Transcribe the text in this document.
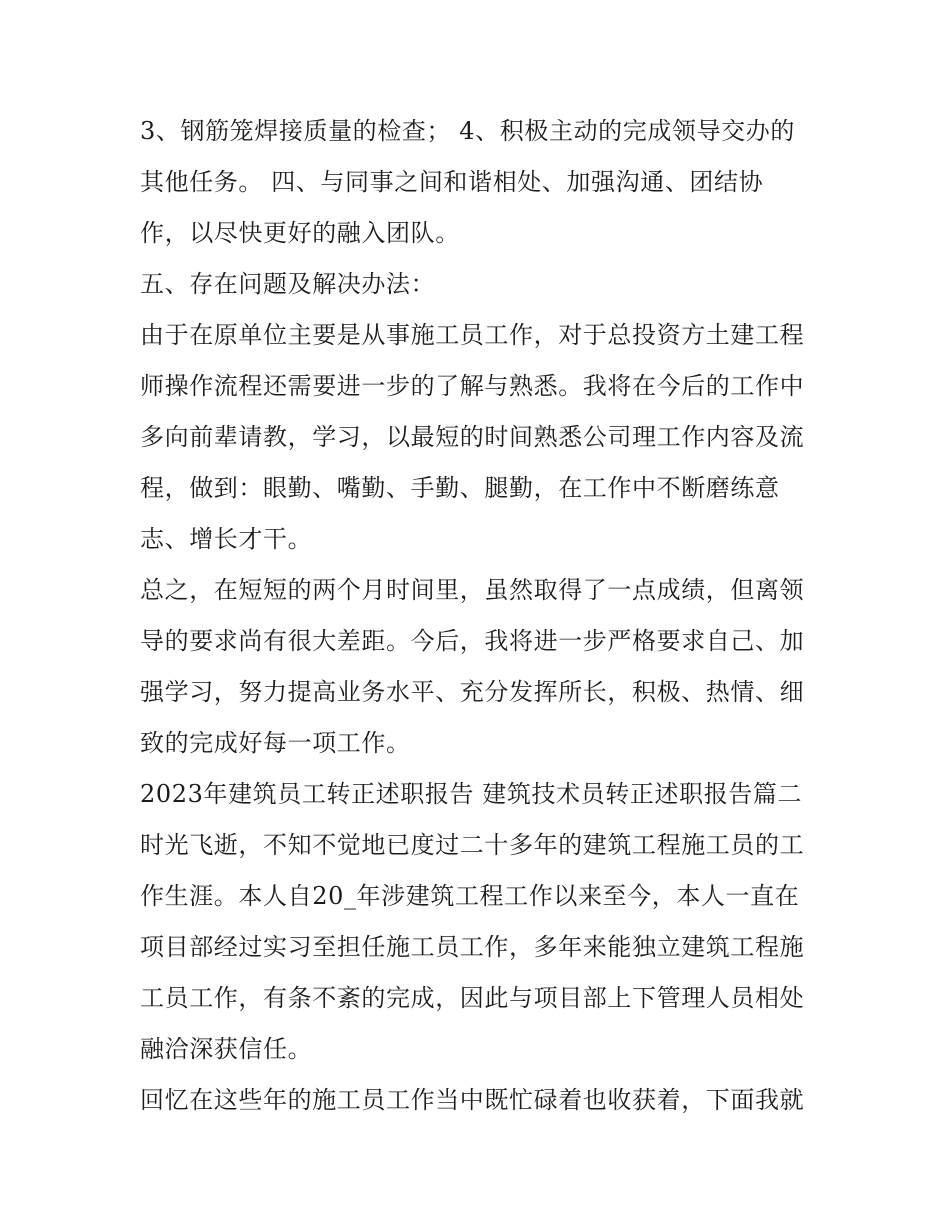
3、钢筋笼焊接质量的检查； 4、积极主动的完成领导交办的
其他任务。 四、与同事之间和谐相处、加强沟通、团结协
作，以尽快更好的融入团队。
五、存在问题及解决办法：
由于在原单位主要是从事施工员工作，对于总投资方土建工程
师操作流程还需要进一步的了解与熟悉。我将在今后的工作中
多向前辈请教，学习，以最短的时间熟悉公司理工作内容及流
程，做到：眼勤、嘴勤、手勤、腿勤，在工作中不断磨练意
志、增长才干。
总之，在短短的两个月时间里，虽然取得了一点成绩，但离领
导的要求尚有很大差距。今后，我将进一步严格要求自己、加
强学习，努力提高业务水平、充分发挥所长，积极、热情、细
致的完成好每一项工作。
2023年建筑员工转正述职报告 建筑技术员转正述职报告篇二
时光飞逝，不知不觉地已度过二十多年的建筑工程施工员的工
作生涯。本人自20_年涉建筑工程工作以来至今，本人一直在
项目部经过实习至担任施工员工作，多年来能独立建筑工程施
工员工作，有条不紊的完成，因此与项目部上下管理人员相处
融洽深获信任。
回忆在这些年的施工员工作当中既忙碌着也收获着，下面我就
